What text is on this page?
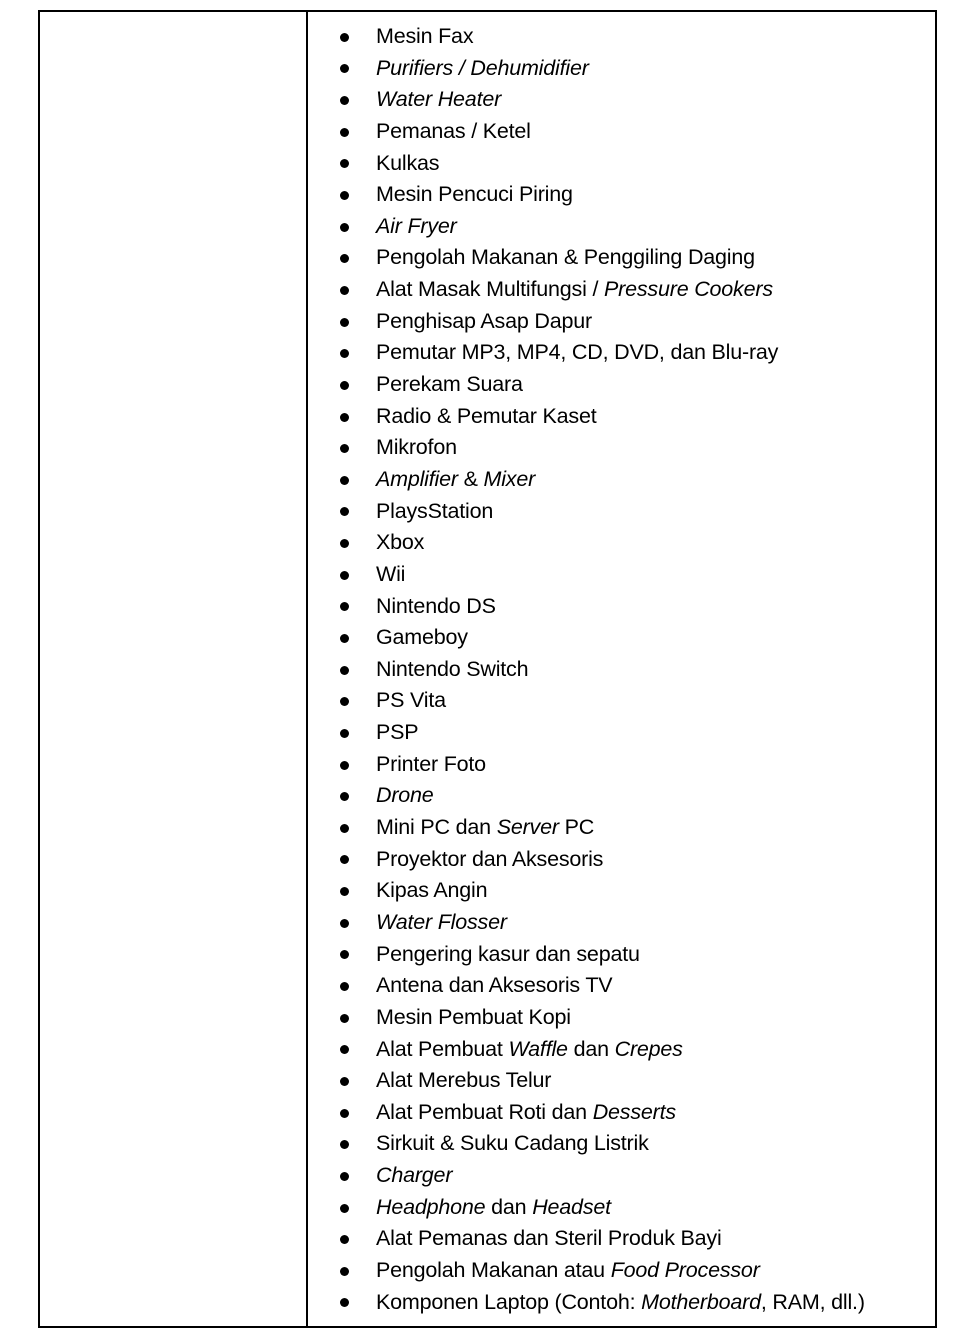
Mesin Fax
Purifiers / Dehumidifier
Water Heater
Pemanas / Ketel
Kulkas
Mesin Pencuci Piring
Air Fryer
Pengolah Makanan & Penggiling Daging
Alat Masak Multifungsi / Pressure Cookers
Penghisap Asap Dapur
Pemutar MP3, MP4, CD, DVD, dan Blu-ray
Perekam Suara
Radio & Pemutar Kaset
Mikrofon
Amplifier & Mixer
PlaysStation
Xbox
Wii
Nintendo DS
Gameboy
Nintendo Switch
PS Vita
PSP
Printer Foto
Drone
Mini PC dan Server PC
Proyektor dan Aksesoris
Kipas Angin
Water Flosser
Pengering kasur dan sepatu
Antena dan Aksesoris TV
Mesin Pembuat Kopi
Alat Pembuat Waffle dan Crepes
Alat Merebus Telur
Alat Pembuat Roti dan Desserts
Sirkuit & Suku Cadang Listrik
Charger
Headphone dan Headset
Alat Pemanas dan Steril Produk Bayi
Pengolah Makanan atau Food Processor
Komponen Laptop (Contoh: Motherboard, RAM, dll.)
